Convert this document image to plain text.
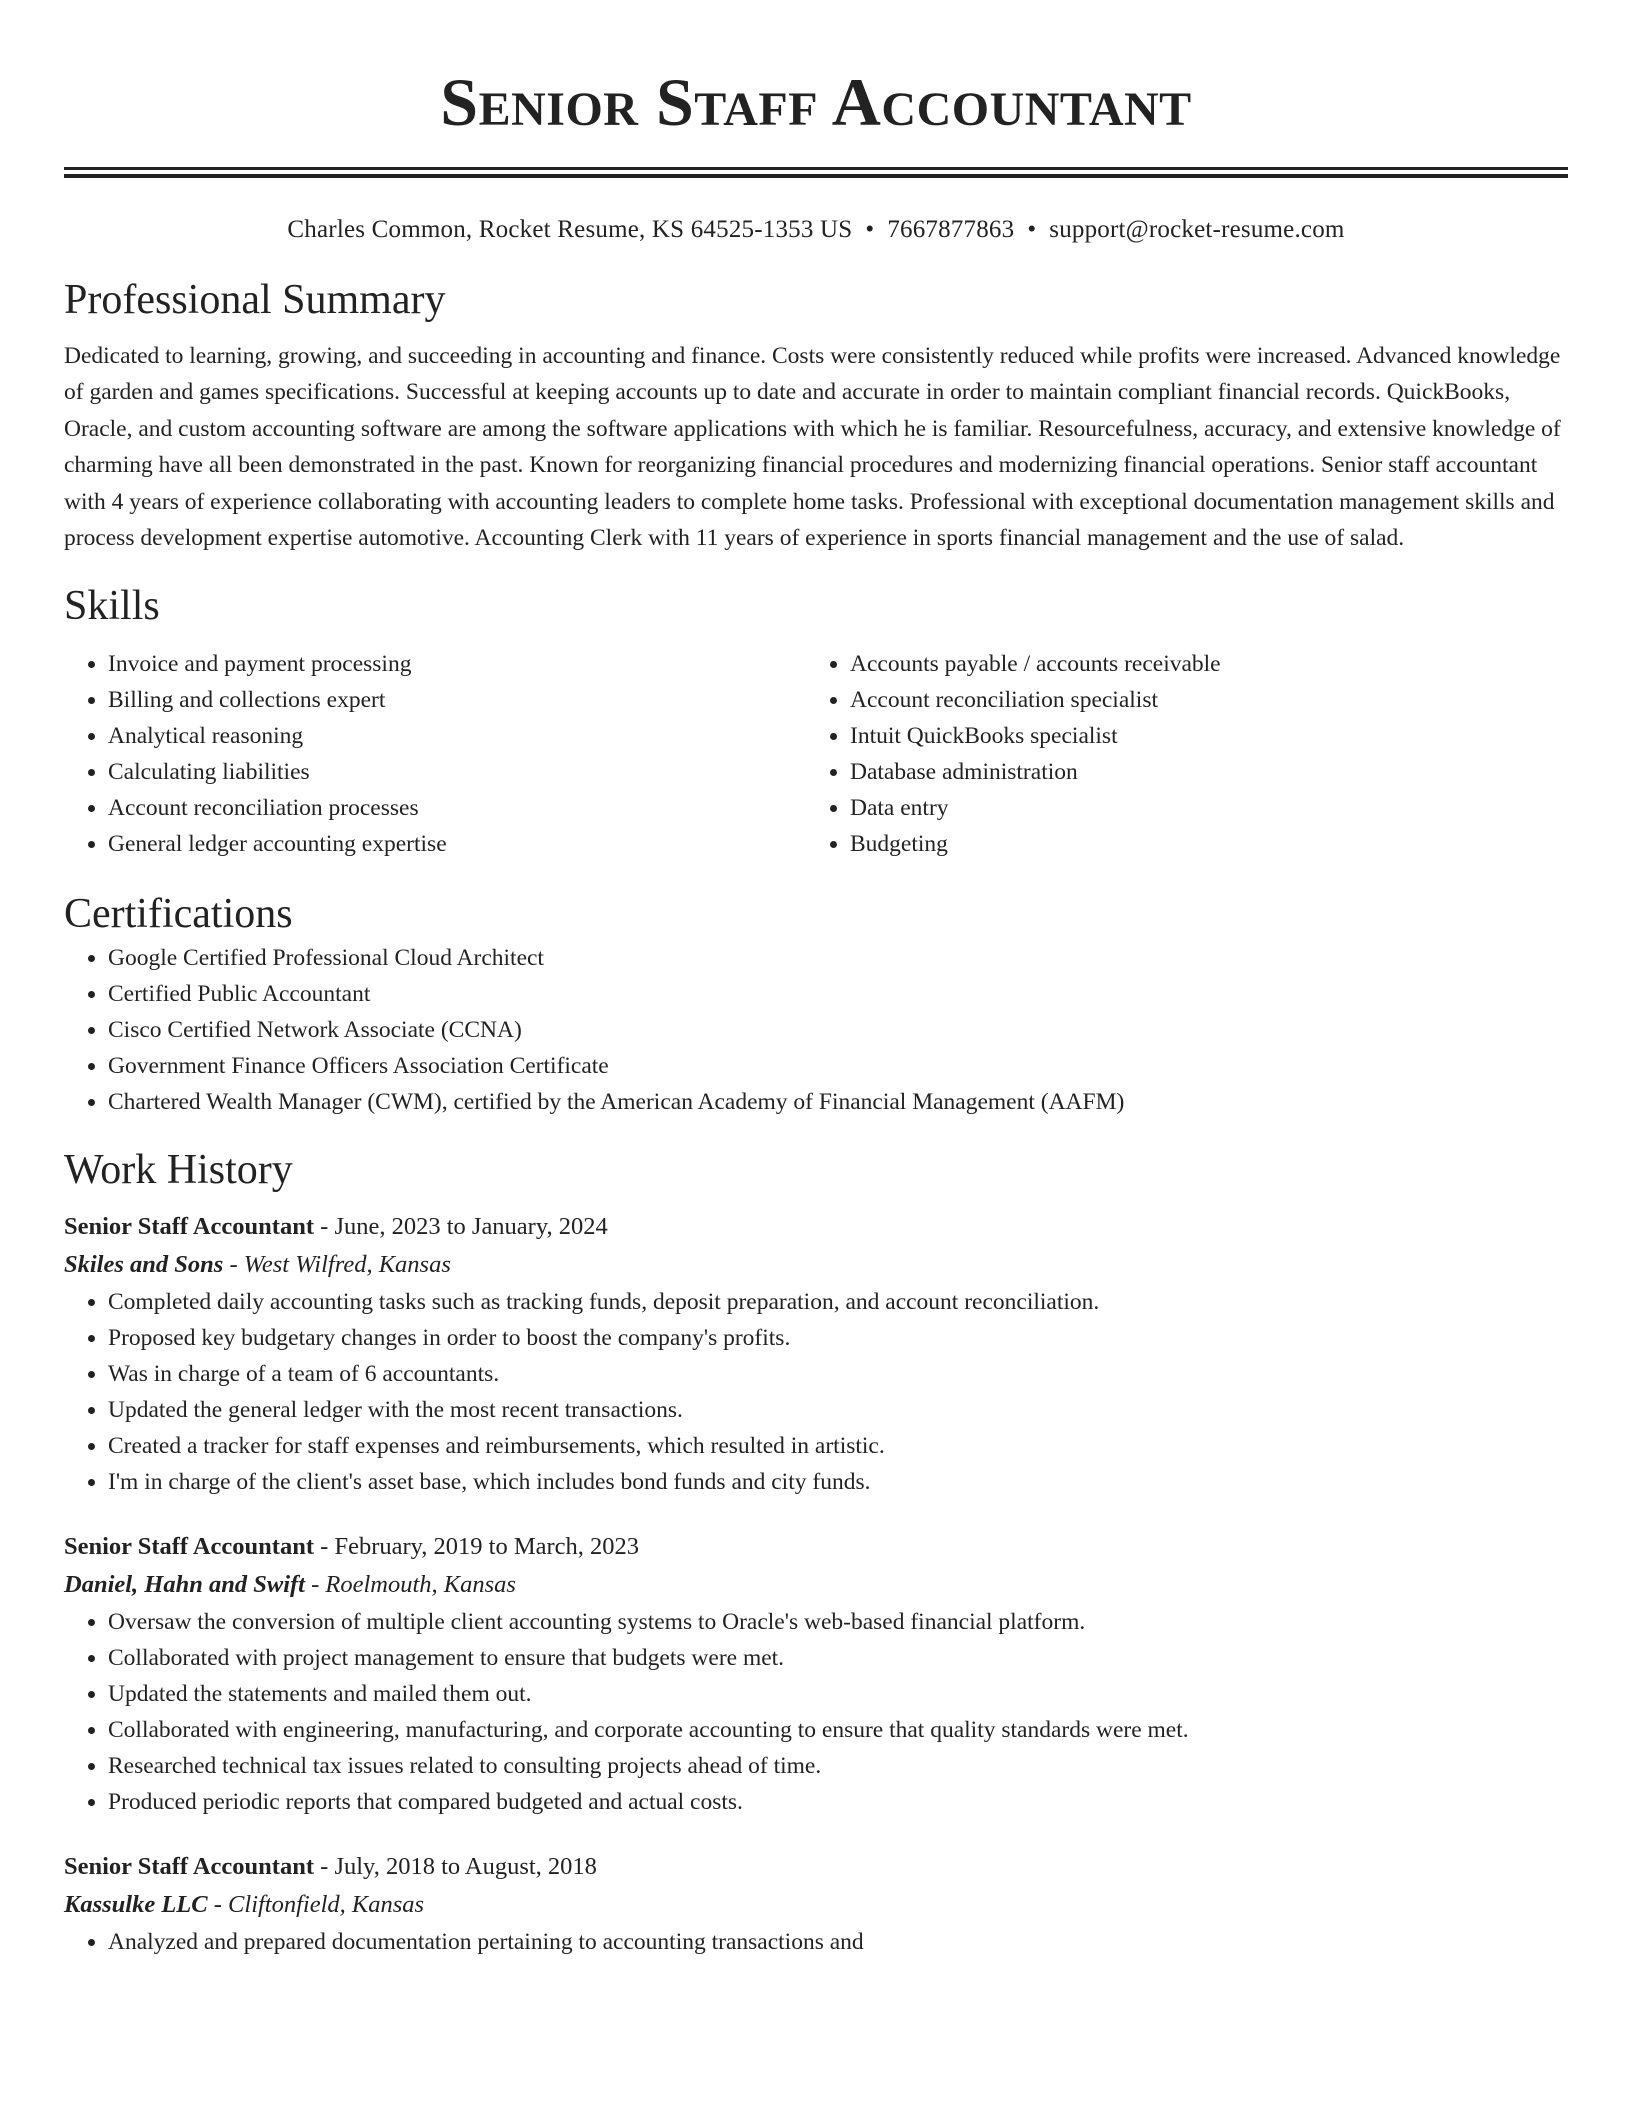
Senior Staff Accountant
Charles Common, Rocket Resume, KS 64525-1353 US • 7667877863 • support@rocket-resume.com
Professional Summary

Dedicated to learning, growing, and succeeding in accounting and finance. Costs were consistently reduced while profits were increased. Advanced knowledge of garden and games specifications. Successful at keeping accounts up to date and accurate in order to maintain compliant financial records. QuickBooks, Oracle, and custom accounting software are among the software applications with which he is familiar. Resourcefulness, accuracy, and extensive knowledge of charming have all been demonstrated in the past. Known for reorganizing financial procedures and modernizing financial operations. Senior staff accountant with 4 years of experience collaborating with accounting leaders to complete home tasks. Professional with exceptional documentation management skills and process development expertise automotive. Accounting Clerk with 11 years of experience in sports financial management and the use of salad.

Skills
• Invoice and payment processing
• Billing and collections expert
• Analytical reasoning
• Calculating liabilities
• Account reconciliation processes
• General ledger accounting expertise
• Accounts payable / accounts receivable
• Account reconciliation specialist
• Intuit QuickBooks specialist
• Database administration
• Data entry
• Budgeting
Certifications
• Google Certified Professional Cloud Architect
• Certified Public Accountant
• Cisco Certified Network Associate (CCNA)
• Government Finance Officers Association Certificate
• Chartered Wealth Manager (CWM), certified by the American Academy of Financial Management (AAFM)
Work History
Senior Staff Accountant - June, 2023 to January, 2024
Skiles and Sons - West Wilfred, Kansas
• Completed daily accounting tasks such as tracking funds, deposit preparation, and account reconciliation.
• Proposed key budgetary changes in order to boost the company's profits.
• Was in charge of a team of 6 accountants.
• Updated the general ledger with the most recent transactions.
• Created a tracker for staff expenses and reimbursements, which resulted in artistic.
• I'm in charge of the client's asset base, which includes bond funds and city funds.
Senior Staff Accountant - February, 2019 to March, 2023
Daniel, Hahn and Swift - Roelmouth, Kansas
• Oversaw the conversion of multiple client accounting systems to Oracle's web-based financial platform.
• Collaborated with project management to ensure that budgets were met.
• Updated the statements and mailed them out.
• Collaborated with engineering, manufacturing, and corporate accounting to ensure that quality standards were met.
• Researched technical tax issues related to consulting projects ahead of time.
• Produced periodic reports that compared budgeted and actual costs.
Senior Staff Accountant - July, 2018 to August, 2018
Kassulke LLC - Cliftonfield, Kansas
• Analyzed and prepared documentation pertaining to accounting transactions and
